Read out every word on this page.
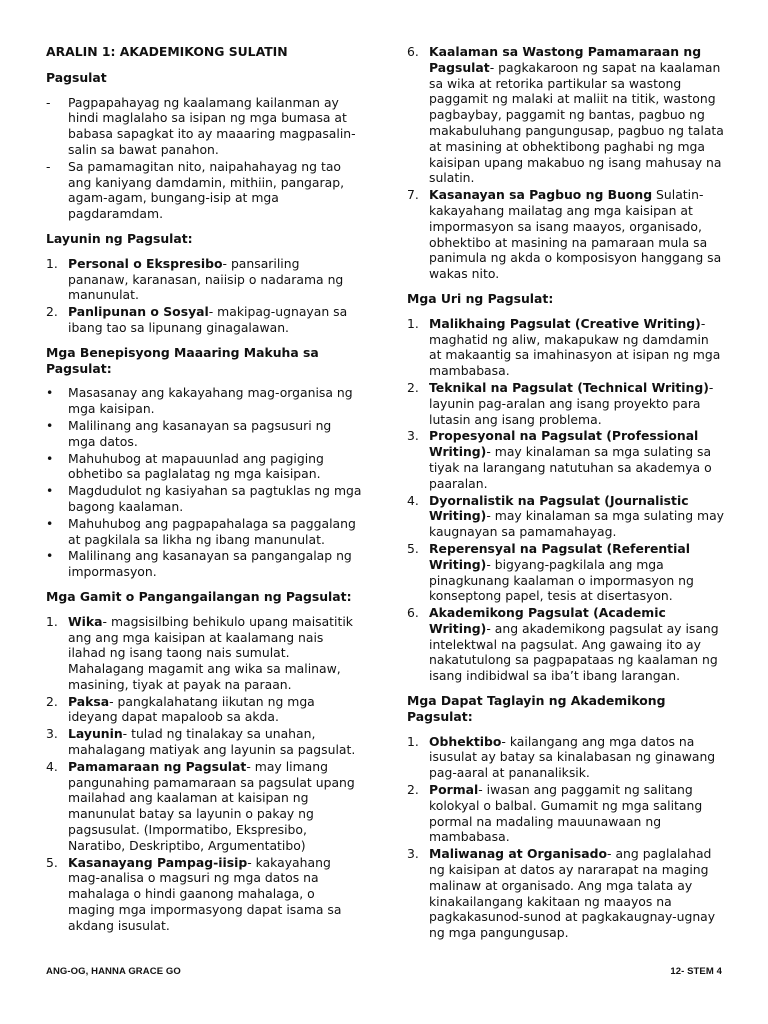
ARALIN 1: AKADEMIKONG SULATIN
Pagsulat
- Pagpapahayag ng kaalamang kailanman ay hindi maglalaho sa isipan ng mga bumasa at babasa sapagkat ito ay maaaring magpasalin-salin sa bawat panahon.
- Sa pamamagitan nito, naipahahayag ng tao ang kaniyang damdamin, mithiin, pangarap, agam-agam, bungang-isip at mga pagdaramdam.
Layunin ng Pagsulat:
1. Personal o Ekspresibo- pansariling pananaw, karanasan, naiisip o nadarama ng manunulat.
2. Panlipunan o Sosyal- makipag-ugnayan sa ibang tao sa lipunang ginagalawan.
Mga Benepisyong Maaaring Makuha sa Pagsulat:
• Masasanay ang kakayahang mag-organisa ng mga kaisipan.
• Malilinang ang kasanayan sa pagsusuri ng mga datos.
• Mahuhubog at mapauunlad ang pagiging obhetibo sa paglalatag ng mga kaisipan.
• Magdudulot ng kasiyahan sa pagtuklas ng mga bagong kaalaman.
• Mahuhubog ang pagpapahalaga sa paggalang at pagkilala sa likha ng ibang manunulat.
• Malilinang ang kasanayan sa pangangalap ng impormasyon.
Mga Gamit o Pangangailangan ng Pagsulat:
1. Wika- magsisilbing behikulo upang maisatitik ang ang mga kaisipan at kaalamang nais ilahad ng isang taong nais sumulat. Mahalagang magamit ang wika sa malinaw, masining, tiyak at payak na paraan.
2. Paksa- pangkalahatang iikutan ng mga ideyang dapat mapaloob sa akda.
3. Layunin- tulad ng tinalakay sa unahan, mahalagang matiyak ang layunin sa pagsulat.
4. Pamamaraan ng Pagsulat- may limang pangunahing pamamaraan sa pagsulat upang mailahad ang kaalaman at kaisipan ng manunulat batay sa layunin o pakay ng pagsusulat. (Impormatibo, Ekspresibo, Naratibo, Deskriptibo, Argumentatibo)
5. Kasanayang Pampag-iisip- kakayahang mag-analisa o magsuri ng mga datos na mahalaga o hindi gaanong mahalaga, o maging mga impormasyong dapat isama sa akdang isusulat.
6. Kaalaman sa Wastong Pamamaraan ng Pagsulat- pagkakaroon ng sapat na kaalaman sa wika at retorika partikular sa wastong paggamit ng malaki at maliit na titik, wastong pagbaybay, paggamit ng bantas, pagbuo ng makabuluhang pangungusap, pagbuo ng talata at masining at obhektibong paghabi ng mga kaisipan upang makabuo ng isang mahusay na sulatin.
7. Kasanayan sa Pagbuo ng Buong Sulatin-kakayahang mailatag ang mga kaisipan at impormasyon sa isang maayos, organisado, obhektibo at masining na pamaraan mula sa panimula ng akda o komposisyon hanggang sa wakas nito.
Mga Uri ng Pagsulat:
1. Malikhaing Pagsulat (Creative Writing)- maghatid ng aliw, makapukaw ng damdamin at makaantig sa imahinasyon at isipan ng mga mambabasa.
2. Teknikal na Pagsulat (Technical Writing)- layunin pag-aralan ang isang proyekto para lutasin ang isang problema.
3. Propesyonal na Pagsulat (Professional Writing)- may kinalaman sa mga sulating sa tiyak na larangang natutuhan sa akademya o paaralan.
4. Dyornalistik na Pagsulat (Journalistic Writing)- may kinalaman sa mga sulating may kaugnayan sa pamamahayag.
5. Reperensyal na Pagsulat (Referential Writing)- bigyang-pagkilala ang mga pinagkunang kaalaman o impormasyon ng konseptong papel, tesis at disertasyon.
6. Akademikong Pagsulat (Academic Writing)- ang akademikong pagsulat ay isang intelektwal na pagsulat. Ang gawaing ito ay nakatutulong sa pagpapataas ng kaalaman ng isang indibidwal sa iba’t ibang larangan.
Mga Dapat Taglayin ng Akademikong Pagsulat:
1. Obhektibo- kailangang ang mga datos na isusulat ay batay sa kinalabasan ng ginawang pag-aaral at pananaliksik.
2. Pormal- iwasan ang paggamit ng salitang kolokyal o balbal. Gumamit ng mga salitang pormal na madaling mauunawaan ng mambabasa.
3. Maliwanag at Organisado- ang paglalahad ng kaisipan at datos ay nararapat na maging malinaw at organisado. Ang mga talata ay kinakailangang kakitaan ng maayos na pagkakasunod-sunod at pagkakaugnay-ugnay ng mga pangungusap.
ANG-OG, HANNA GRACE GO	12- STEM 4
